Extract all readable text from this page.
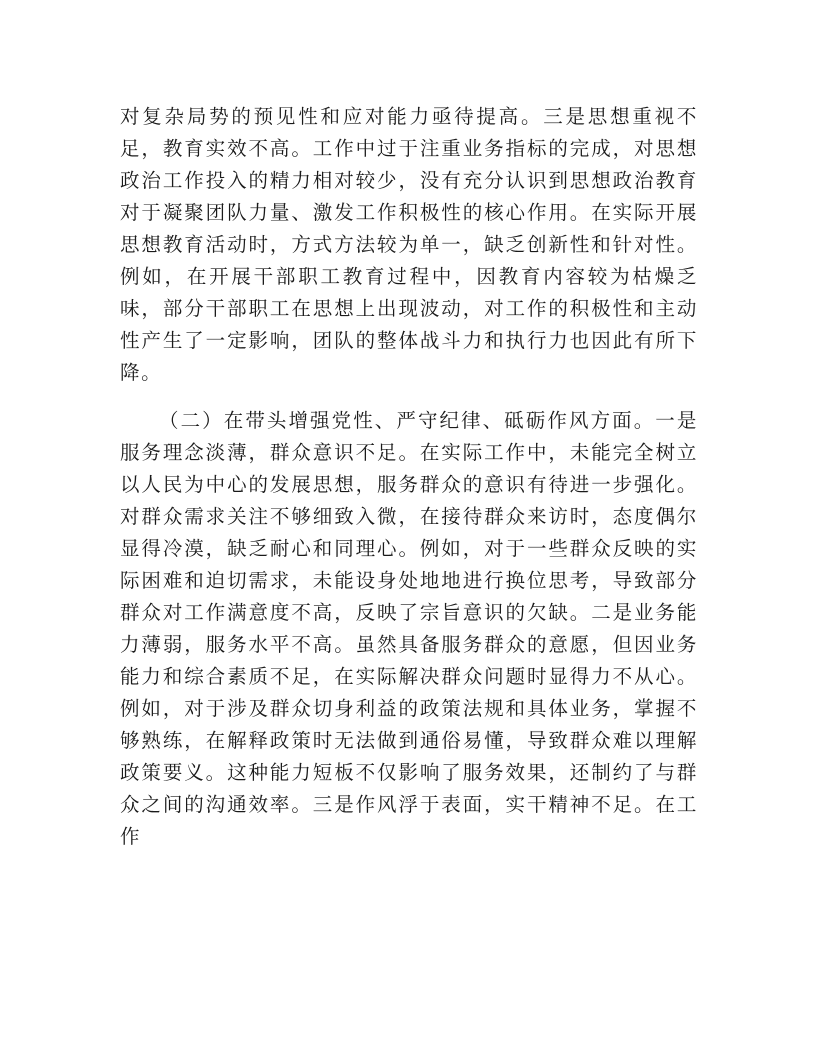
对复杂局势的预见性和应对能力亟待提高。三是思想重视不足，教育实效不高。工作中过于注重业务指标的完成，对思想政治工作投入的精力相对较少，没有充分认识到思想政治教育对于凝聚团队力量、激发工作积极性的核心作用。在实际开展思想教育活动时，方式方法较为单一，缺乏创新性和针对性。例如，在开展干部职工教育过程中，因教育内容较为枯燥乏味，部分干部职工在思想上出现波动，对工作的积极性和主动性产生了一定影响，团队的整体战斗力和执行力也因此有所下降。

（二）在带头增强党性、严守纪律、砥砺作风方面。一是服务理念淡薄，群众意识不足。在实际工作中，未能完全树立以人民为中心的发展思想，服务群众的意识有待进一步强化。对群众需求关注不够细致入微，在接待群众来访时，态度偶尔显得冷漠，缺乏耐心和同理心。例如，对于一些群众反映的实际困难和迫切需求，未能设身处地地进行换位思考，导致部分群众对工作满意度不高，反映了宗旨意识的欠缺。二是业务能力薄弱，服务水平不高。虽然具备服务群众的意愿，但因业务能力和综合素质不足，在实际解决群众问题时显得力不从心。例如，对于涉及群众切身利益的政策法规和具体业务，掌握不够熟练，在解释政策时无法做到通俗易懂，导致群众难以理解政策要义。这种能力短板不仅影响了服务效果，还制约了与群众之间的沟通效率。三是作风浮于表面，实干精神不足。在工作
